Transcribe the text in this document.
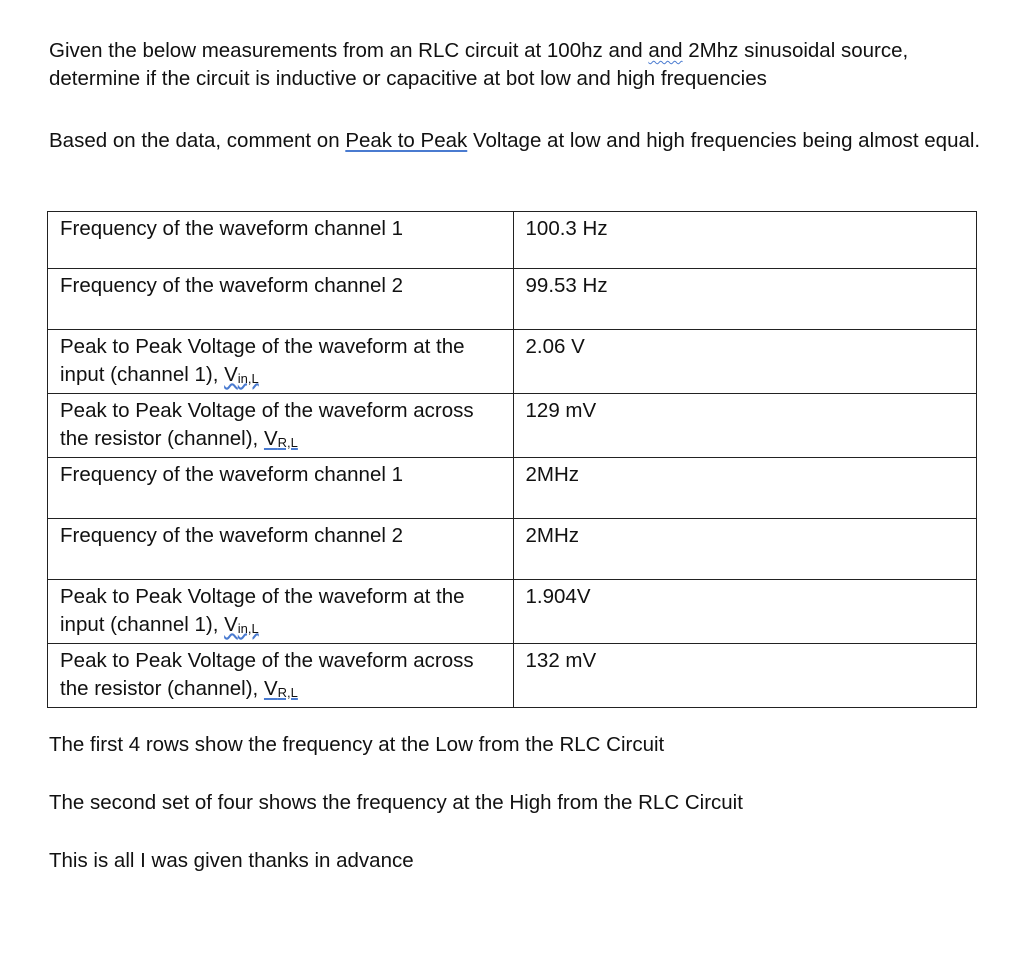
Given the below measurements from an RLC circuit at 100hz and and 2Mhz sinusoidal source,
determine if the circuit is inductive or capacitive at bot low and high frequencies

Based on the data, comment on Peak to Peak Voltage at low and high frequencies being almost equal.

Frequency of the waveform channel 1	100.3 Hz
Frequency of the waveform channel 2	99.53 Hz
Peak to Peak Voltage of the waveform at the input (channel 1), Vin,L	2.06 V
Peak to Peak Voltage of the waveform across the resistor (channel), VR,L	129 mV
Frequency of the waveform channel 1	2MHz
Frequency of the waveform channel 2	2MHz
Peak to Peak Voltage of the waveform at the input (channel 1), Vin,L	1.904V
Peak to Peak Voltage of the waveform across the resistor (channel), VR,L	132 mV

The first 4 rows show the frequency at the Low from the RLC Circuit

The second set of four shows the frequency at the High from the RLC Circuit

This is all I was given thanks in advance
